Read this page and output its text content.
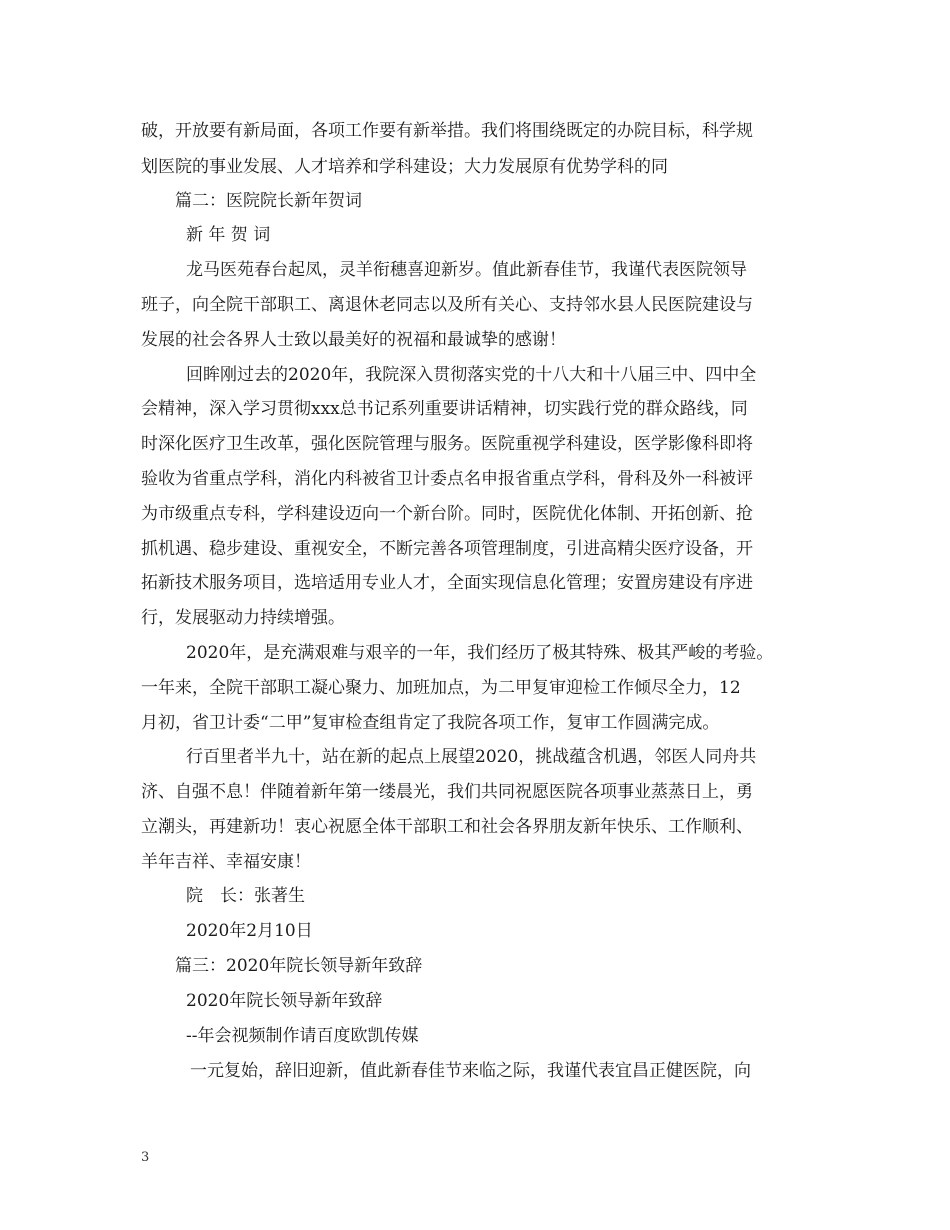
破，开放要有新局面，各项工作要有新举措。我们将围绕既定的办院目标，科学规
划医院的事业发展、人才培养和学科建设；大力发展原有优势学科的同
篇二：医院院长新年贺词
新 年 贺 词
龙马医苑春台起凤，灵羊衔穗喜迎新岁。值此新春佳节，我谨代表医院领导
班子，向全院干部职工、离退休老同志以及所有关心、支持邻水县人民医院建设与
发展的社会各界人士致以最美好的祝福和最诚挚的感谢！
回眸刚过去的2020年，我院深入贯彻落实党的十八大和十八届三中、四中全
会精神，深入学习贯彻xxx总书记系列重要讲话精神，切实践行党的群众路线，同
时深化医疗卫生改革，强化医院管理与服务。医院重视学科建设，医学影像科即将
验收为省重点学科，消化内科被省卫计委点名申报省重点学科，骨科及外一科被评
为市级重点专科，学科建设迈向一个新台阶。同时，医院优化体制、开拓创新、抢
抓机遇、稳步建设、重视安全，不断完善各项管理制度，引进高精尖医疗设备，开
拓新技术服务项目，选培适用专业人才，全面实现信息化管理；安置房建设有序进
行，发展驱动力持续增强。
2020年，是充满艰难与艰辛的一年，我们经历了极其特殊、极其严峻的考验。
一年来，全院干部职工凝心聚力、加班加点，为二甲复审迎检工作倾尽全力，12
月初，省卫计委“二甲”复审检查组肯定了我院各项工作，复审工作圆满完成。
行百里者半九十，站在新的起点上展望2020，挑战蕴含机遇，邻医人同舟共
济、自强不息！伴随着新年第一缕晨光，我们共同祝愿医院各项事业蒸蒸日上，勇
立潮头，再建新功！衷心祝愿全体干部职工和社会各界朋友新年快乐、工作顺利、
羊年吉祥、幸福安康！
院　长：张著生
2020年2月10日
篇三：2020年院长领导新年致辞
2020年院长领导新年致辞
--年会视频制作请百度欧凯传媒
一元复始，辞旧迎新，值此新春佳节来临之际，我谨代表宜昌正健医院，向
3
